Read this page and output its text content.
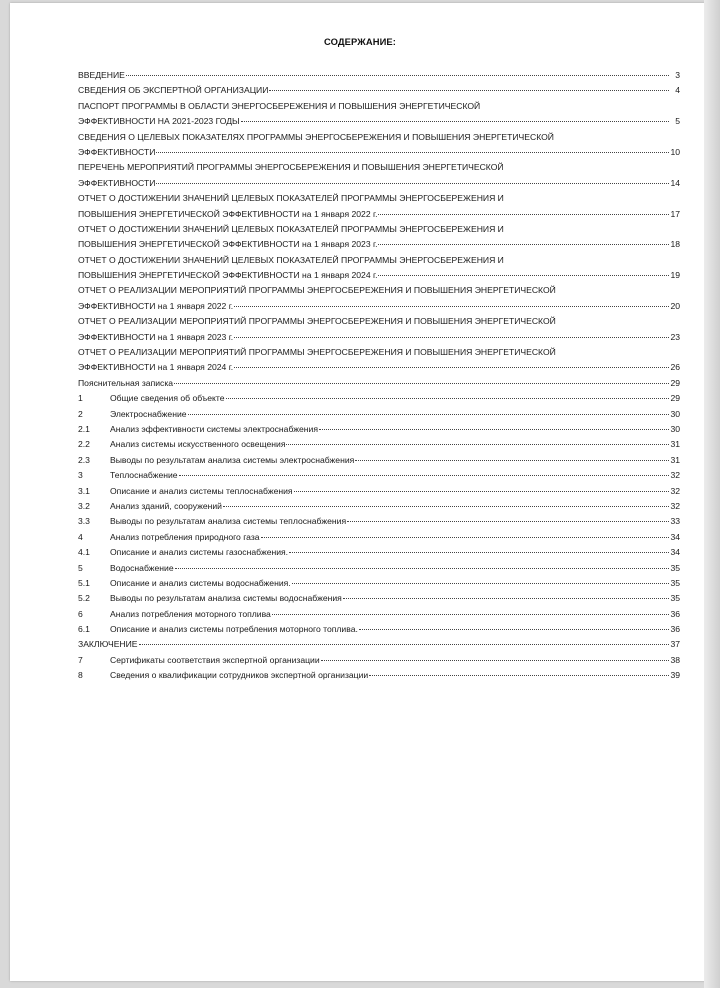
СОДЕРЖАНИЕ:
ВВЕДЕНИЕ	3
СВЕДЕНИЯ ОБ ЭКСПЕРТНОЙ ОРГАНИЗАЦИИ	4
ПАСПОРТ ПРОГРАММЫ В ОБЛАСТИ ЭНЕРГОСБЕРЕЖЕНИЯ И ПОВЫШЕНИЯ ЭНЕРГЕТИЧЕСКОЙ
ЭФФЕКТИВНОСТИ НА 2021-2023 ГОДЫ	5
СВЕДЕНИЯ О ЦЕЛЕВЫХ ПОКАЗАТЕЛЯХ ПРОГРАММЫ ЭНЕРГОСБЕРЕЖЕНИЯ И ПОВЫШЕНИЯ ЭНЕРГЕТИЧЕСКОЙ
ЭФФЕКТИВНОСТИ	10
ПЕРЕЧЕНЬ МЕРОПРИЯТИЙ ПРОГРАММЫ ЭНЕРГОСБЕРЕЖЕНИЯ И ПОВЫШЕНИЯ ЭНЕРГЕТИЧЕСКОЙ
ЭФФЕКТИВНОСТИ	14
ОТЧЕТ О ДОСТИЖЕНИИ ЗНАЧЕНИЙ ЦЕЛЕВЫХ ПОКАЗАТЕЛЕЙ ПРОГРАММЫ ЭНЕРГОСБЕРЕЖЕНИЯ И
ПОВЫШЕНИЯ ЭНЕРГЕТИЧЕСКОЙ ЭФФЕКТИВНОСТИ на 1 января 2022 г.	17
ОТЧЕТ О ДОСТИЖЕНИИ ЗНАЧЕНИЙ ЦЕЛЕВЫХ ПОКАЗАТЕЛЕЙ ПРОГРАММЫ ЭНЕРГОСБЕРЕЖЕНИЯ И
ПОВЫШЕНИЯ ЭНЕРГЕТИЧЕСКОЙ ЭФФЕКТИВНОСТИ на 1 января 2023 г.	18
ОТЧЕТ О ДОСТИЖЕНИИ ЗНАЧЕНИЙ ЦЕЛЕВЫХ ПОКАЗАТЕЛЕЙ ПРОГРАММЫ ЭНЕРГОСБЕРЕЖЕНИЯ И
ПОВЫШЕНИЯ ЭНЕРГЕТИЧЕСКОЙ ЭФФЕКТИВНОСТИ на 1 января 2024 г.	19
ОТЧЕТ О РЕАЛИЗАЦИИ МЕРОПРИЯТИЙ ПРОГРАММЫ ЭНЕРГОСБЕРЕЖЕНИЯ И ПОВЫШЕНИЯ ЭНЕРГЕТИЧЕСКОЙ
ЭФФЕКТИВНОСТИ на 1 января 2022 г.	20
ОТЧЕТ О РЕАЛИЗАЦИИ МЕРОПРИЯТИЙ ПРОГРАММЫ ЭНЕРГОСБЕРЕЖЕНИЯ И ПОВЫШЕНИЯ ЭНЕРГЕТИЧЕСКОЙ
ЭФФЕКТИВНОСТИ на 1 января 2023 г.	23
ОТЧЕТ О РЕАЛИЗАЦИИ МЕРОПРИЯТИЙ ПРОГРАММЫ ЭНЕРГОСБЕРЕЖЕНИЯ И ПОВЫШЕНИЯ ЭНЕРГЕТИЧЕСКОЙ
ЭФФЕКТИВНОСТИ на 1 января 2024 г.	26
Пояснительная записка	29
1	Общие сведения об объекте	29
2	Электроснабжение	30
2.1	Анализ эффективности системы электроснабжения	30
2.2	Анализ системы искусственного освещения	31
2.3	Выводы по результатам анализа системы электроснабжения	31
3	Теплоснабжение	32
3.1	Описание и анализ системы теплоснабжения	32
3.2	Анализ зданий, сооружений	32
3.3	Выводы по результатам анализа системы теплоснабжения	33
4	Анализ потребления природного газа	34
4.1	Описание и анализ системы газоснабжения.	34
5	Водоснабжение	35
5.1	Описание и анализ системы водоснабжения.	35
5.2	Выводы по результатам анализа системы водоснабжения	35
6	Анализ потребления моторного топлива	36
6.1	Описание и анализ системы потребления моторного топлива.	36
ЗАКЛЮЧЕНИЕ	37
7	Сертификаты соответствия экспертной организации	38
8	Сведения о квалификации сотрудников экспертной организации	39
